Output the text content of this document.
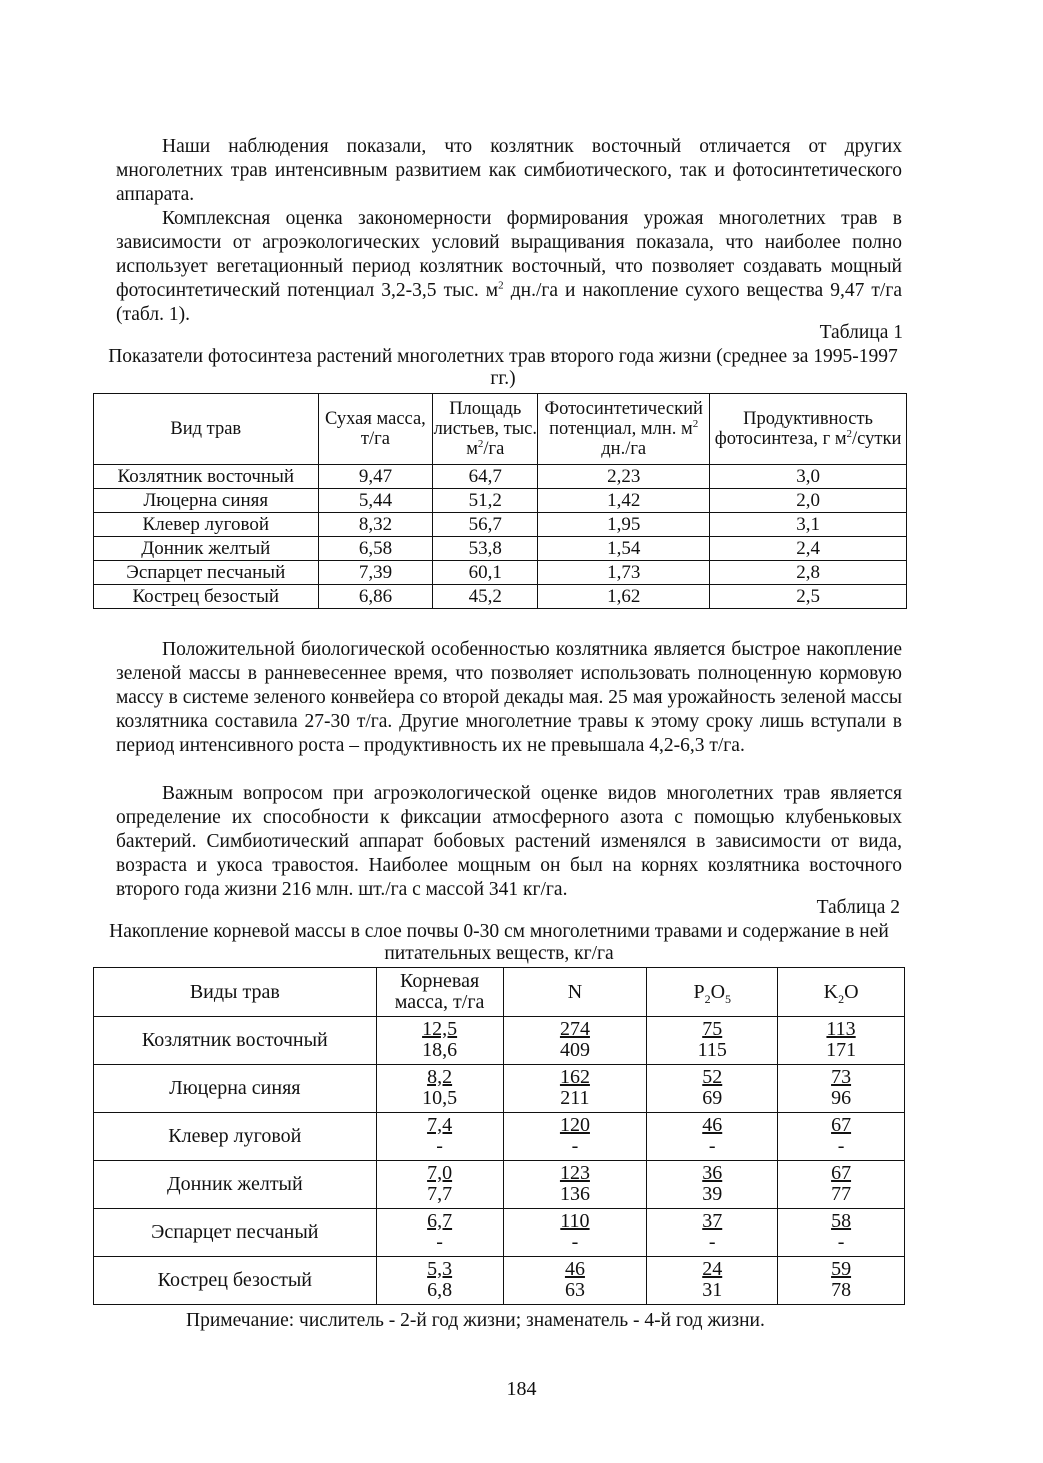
Наши наблюдения показали, что козлятник восточный отличается от других многолетних трав интенсивным развитием как симбиотического, так и фотосинтетического аппарата.

Комплексная оценка закономерности формирования урожая многолетних трав в зависимости от агроэкологических условий выращивания показала, что наиболее полно использует вегетационный период козлятник восточный, что позволяет создавать мощный фотосинтетический потенциал 3,2-3,5 тыс. $м^2$ дн./га и накопление сухого вещества 9,47 т/га (табл. 1).

Таблица 1

Показатели фотосинтеза растений многолетних трав второго года жизни (среднее за 1995-1997 гг.)

Вид трав	Сухая масса, т/га	Площадь листьев, тыс. $м^2/га$	Фотосинтетический потенциал, млн. $м^2$ дн./га	Продуктивность фотосинтеза, г $м^2$/сутки
Козлятник восточный	9,47	64,7	2,23	3,0
Люцерна синяя	5,44	51,2	1,42	2,0
Клевер луговой	8,32	56,7	1,95	3,1
Донник желтый	6,58	53,8	1,54	2,4
Эспарцет песчаный	7,39	60,1	1,73	2,8
Кострец безостый	6,86	45,2	1,62	2,5

Положительной биологической особенностью козлятника является быстрое накопление зеленой массы в ранневесеннее время, что позволяет использовать полноценную кормовую массу в системе зеленого конвейера со второй декады мая. 25 мая урожайность зеленой массы козлятника составила 27-30 т/га. Другие многолетние травы к этому сроку лишь вступали в период интенсивного роста – продуктивность их не превышала 4,2-6,3 т/га.

Важным вопросом при агроэкологической оценке видов многолетних трав является определение их способности к фиксации атмосферного азота с помощью клубеньковых бактерий. Симбиотический аппарат бобовых растений изменялся в зависимости от вида, возраста и укоса травостоя. Наиболее мощным он был на корнях козлятника восточного второго года жизни 216 млн. шт./га с массой 341 кг/га.

Таблица 2

Накопление корневой массы в слое почвы 0-30 см многолетними травами и содержание в ней питательных веществ, кг/га

Виды трав	Корневая масса, т/га	N	$P_2O_5$	$K_2O$
Козлятник восточный	$\frac{12,5}{18,6}$	$\frac{274}{409}$	$\frac{75}{115}$	$\frac{113}{171}$

Люцерна синяя	$\frac{8,2}{10,5}$	$\frac{162}{211}$	$\frac{52}{69}$	$\frac{73}{96}$

Клевер луговой	$\frac{7,4}{-}$	$\frac{120}{-}$	$\frac{46}{-}$	$\frac{67}{-}$

Донник желтый	$\frac{7,0}{7,7}$	$\frac{123}{136}$	$\frac{36}{39}$	$\frac{67}{77}$

Эспарцет песчаный	$\frac{6,7}{-}$	$\frac{110}{-}$	$\frac{37}{-}$	$\frac{58}{-}$

Кострец безостый	$\frac{5,3}{6,8}$	$\frac{46}{63}$	$\frac{24}{31}$	$\frac{59}{78}$

Примечание: числитель - 2-й год жизни; знаменатель - 4-й год жизни.

184
